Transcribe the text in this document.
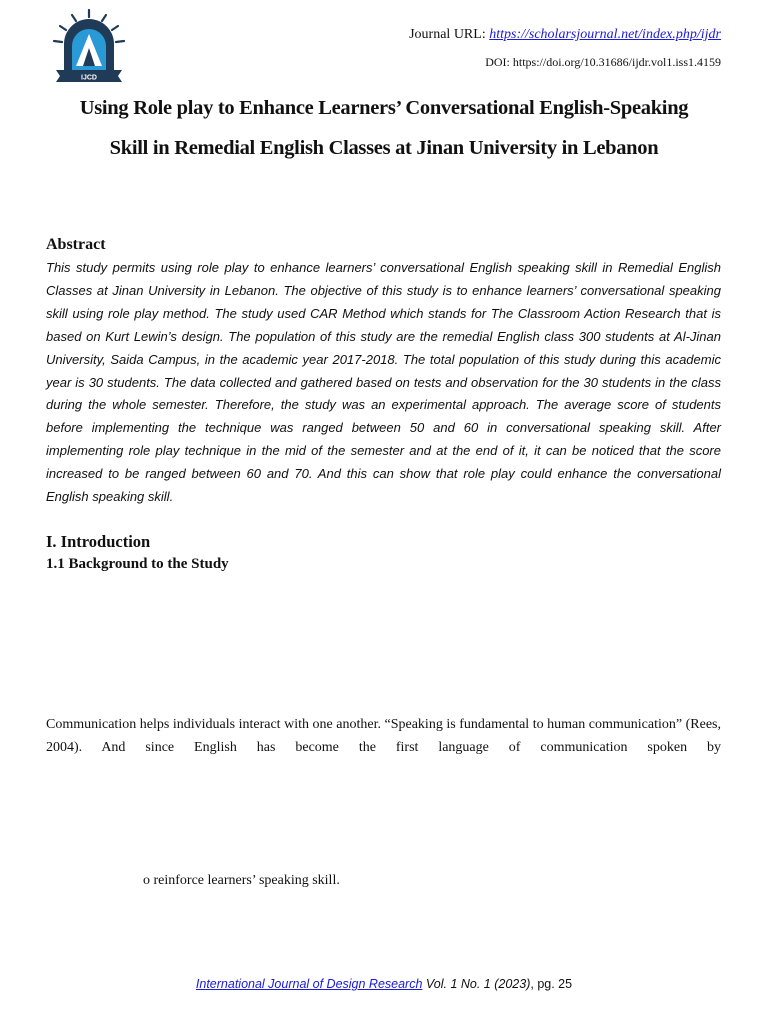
IJCD
Journal URL: https://scholarsjournal.net/index.php/ijdr
DOI: https://doi.org/10.31686/ijdr.vol1.iss1.4159
Using Role play to Enhance Learners’ Conversational English-Speaking
Skill in Remedial English Classes at Jinan University in Lebanon
Abstract

This study permits using role play to enhance learners’ conversational English speaking skill in Remedial English Classes at Jinan University in Lebanon. The objective of this study is to enhance learners’ conversational speaking skill using role play method. The study used CAR Method which stands for The Classroom Action Research that is based on Kurt Lewin’s design. The population of this study are the remedial English class 300 students at Al-Jinan University, Saida Campus, in the academic year 2017-2018. The total population of this study during this academic year is 30 students. The data collected and gathered based on tests and observation for the 30 students in the class during the whole semester. Therefore, the study was an experimental approach. The average score of students before implementing the technique was ranged between 50 and 60 in conversational speaking skill. After implementing role play technique in the mid of the semester and at the end of it, it can be noticed that the score increased to be ranged between 60 and 70. And this can show that role play could enhance the conversational English speaking skill.

I. Introduction
1.1 Background to the Study

Communication helps individuals interact with one another. “Speaking is fundamental to human communication” (Rees, 2004). And since English has become the first language of communication spoken by

o reinforce learners’ speaking skill.
International Journal of Design Research Vol. 1 No. 1 (2023), pg. 25
